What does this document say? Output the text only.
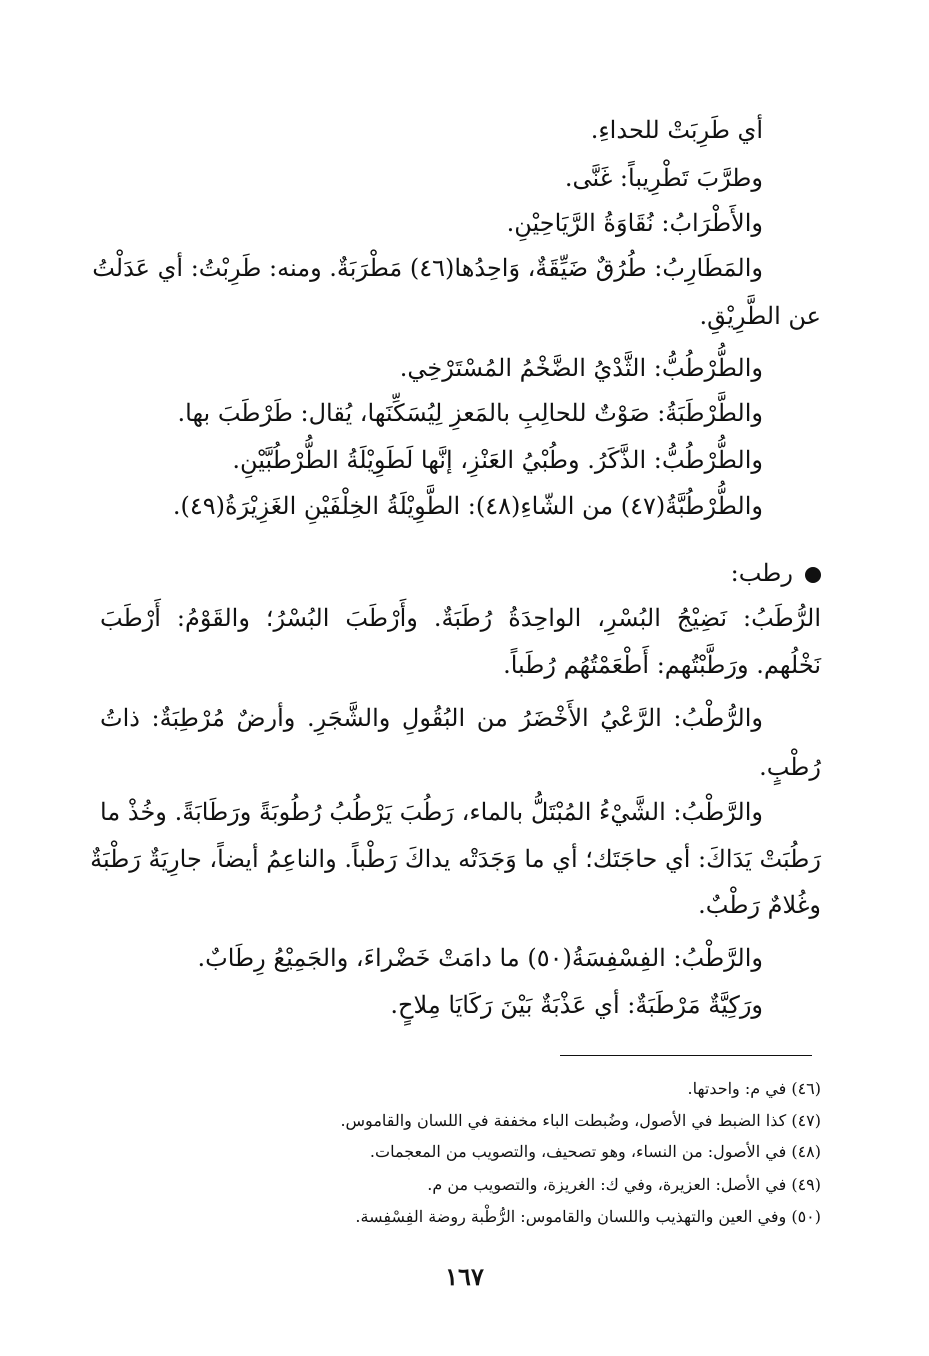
أي طَرِبَتْ للحداءِ.
وطرَّبَ تَطْرِيباً: غَنَّى.
والأَطْرَابُ: نُقَاوَةُ الرَّيَاحِيْنِ.
والمَطَارِبُ: طُرُقٌ ضَيِّقَةٌ، وَاحِدُها(٤٦) مَطْرَبَةٌ. ومنه: طَرِبْتُ: أي عَدَلْتُ
عن الطَّرِيْقِ.
والطُّرْطُبُّ: الثَّدْيُ الضَّخْمُ المُسْتَرْخِي.
والطَّرْطَبَةُ: صَوْتٌ للحالِبِ بالمَعزِ لِيُسَكِّنَها، يُقال: طَرْطَبَ بها.
والطُّرْطُبُّ: الذَّكَرُ. وطُبْيُ العَنْزِ، إنَّها لَطَوِيْلَةُ الطُّرْطُبَّيْنِ.
والطُّرْطُبَّةُ(٤٧) من الشّاءِ(٤٨): الطَّوِيْلَةُ الخِلْفَيْنِ الغَزِيْرَةُ(٤٩).
الرُّطَبُ: نَضِيْجُ البُسْرِ، الواحِدَةُ رُطَبَةٌ. وأَرْطَبَ البُسْرُ؛ والقَوْمُ: أَرْطَبَ
نَخْلُهم. ورَطَّبْتُهم: أَطْعَمْتُهُم رُطَباً.
والرُّطْبُ: الرَّعْيُ الأَخْضَرُ من البُقُولِ والشَّجَرِ. وأرضٌ مُرْطِبَةٌ: ذاتُ
رُطْبٍ.
والرَّطْبُ: الشَّيْءُ المُبْتَلُّ بالماء، رَطُبَ يَرْطُبُ رُطُوبَةً ورَطَابَةً. وخُذْ ما
رَطُبَتْ يَدَاكَ: أي حاجَتَك؛ أي ما وَجَدَتْه يداكَ رَطْباً. والناعِمُ أيضاً، جارِيَةٌ رَطْبَةٌ
وغُلامٌ رَطْبٌ.
والرَّطْبُ: الفِسْفِسَةُ(٥٠) ما دامَتْ خَضْراءَ، والجَمِيْعُ رِطَابٌ.
ورَكِيَّةٌ مَرْطَبَةٌ: أي عَذْبَةٌ بَيْنَ رَكَايَا مِلاحٍ.
رطب:
(٤٦) في م: واحدتها.
(٤٧) كذا الضبط في الأصول، وضُبطت الباء مخففة في اللسان والقاموس.
(٤٨) في الأصول: من النساء، وهو تصحيف، والتصويب من المعجمات.
(٤٩) في الأصل: العزيرة، وفي ك: الغريزة، والتصويب من م.
(٥٠) وفي العين والتهذيب واللسان والقاموس: الرُّطْبة روضة الفِسْفِسة.
١٦٧
